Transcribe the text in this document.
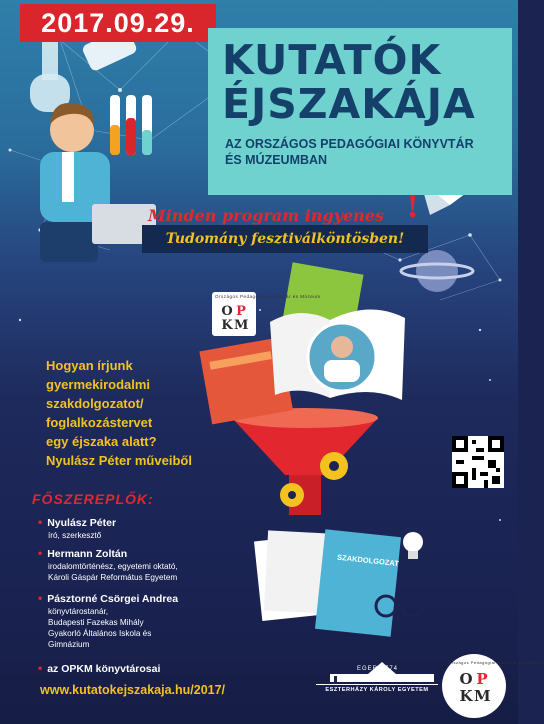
2017.09.29.
KUTATÓK
ÉJSZAKÁJA
AZ ORSZÁGOS PEDAGÓGIAI KÖNYVTÁR
ÉS MÚZEUMBAN
Minden program ingyenes !
Tudomány fesztiválköntösben!
Országos Pedagógiai Könyvtár és Múzeum
O P
K M
Hogyan írjunk
gyermekirodalmi
szakdolgozatot/
foglalkozástervet
egy éjszaka alatt?
Nyulász Péter műveiből
FŐSZEREPLŐK:
• Nyulász Péter
író, szerkesztő
• Hermann Zoltán
irodalomtörténész, egyetemi oktató,
Károli Gáspár Református Egyetem
• Pásztorné Csörgei Andrea
könyvtárostanár,
Budapesti Fazekas Mihály
Gyakorló Általános Iskola és
Gimnázium
• az OPKM könyvtárosai
SZAKDOLGOZAT
www.kutatokejszakaja.hu/2017/
EGER 1774
ESZTERHÁZY KÁROLY EGYETEM
Országos Pedagógiai Könyvtár és Múzeum
O P
K M
